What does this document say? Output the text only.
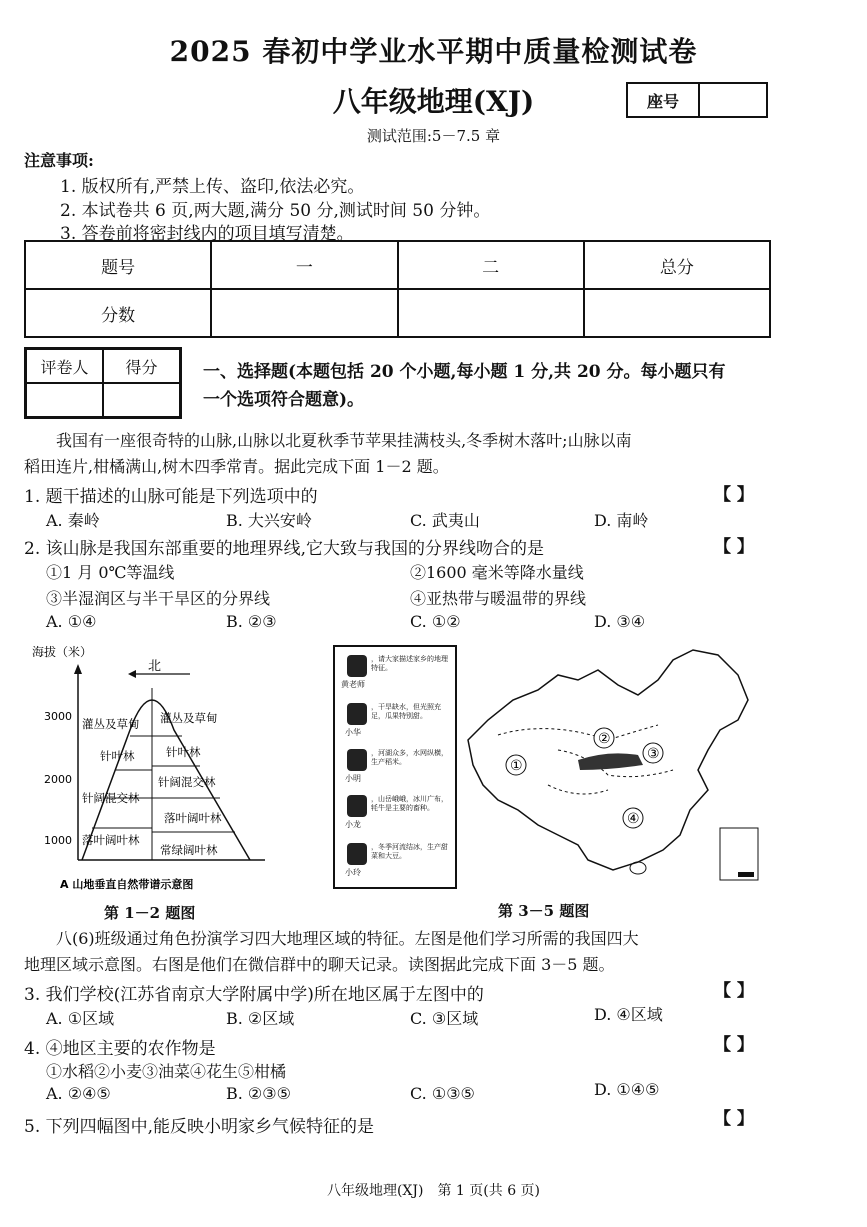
2025 春初中学业水平期中质量检测试卷
八年级地理(XJ)	座号
测试范围:5－7.5 章
注意事项:
1. 版权所有,严禁上传、盗印,依法必究。
2. 本试卷共 6 页,两大题,满分 50 分,测试时间 50 分钟。
3. 答卷前将密封线内的项目填写清楚。
题号	一	二	总分
分数			
评卷人	得分	一、选择题(本题包括 20 个小题,每小题 1 分,共 20 分。每小题只有
一个选项符合题意)。
我国有一座很奇特的山脉,山脉以北夏秋季节苹果挂满枝头,冬季树木落叶;山脉以南
稻田连片,柑橘满山,树木四季常青。据此完成下面 1－2 题。
1. 题干描述的山脉可能是下列选项中的	【 】
A. 秦岭	B. 大兴安岭	C. 武夷山	D. 南岭
2. 该山脉是我国东部重要的地理界线,它大致与我国的分界线吻合的是	【 】
①1 月 0℃等温线	②1600 毫米等降水量线
③半湿润区与半干旱区的分界线	④亚热带与暖温带的界线
A. ①④	B. ②③	C. ①②	D. ③④
海拔（米）
北
3000
2000
1000
灌丛及草甸
针叶林
针阔混交林
落叶阔叶林
灌丛及草甸
针叶林
针阔混交林
落叶阔叶林
常绿阔叶林
A 山地垂直自然带谱示意图
第 1－2 题图
黄老师
，请大家描述家乡的地理特征。
小华
，干旱缺水，但光照充足，瓜果特别甜。
小明
，河湖众多，水网纵横，生产稻米。
小龙
，山岳峨峨，冰川广布，牦牛是主要的畜种。
小玲
，冬季河流结冰，生产甜菜和大豆。
①
②
③
④
第 3－5 题图
八(6)班级通过角色扮演学习四大地理区域的特征。左图是他们学习所需的我国四大
地理区域示意图。右图是他们在微信群中的聊天记录。读图据此完成下面 3－5 题。
3. 我们学校(江苏省南京大学附属中学)所在地区属于左图中的	【 】
A. ①区域	B. ②区域	C. ③区域	D. ④区域
4. ④地区主要的农作物是	【 】
①水稻②小麦③油菜④花生⑤柑橘
A. ②④⑤	B. ②③⑤	C. ①③⑤	D. ①④⑤
5. 下列四幅图中,能反映小明家乡气候特征的是	【 】
八年级地理(XJ)　第 1 页(共 6 页)
